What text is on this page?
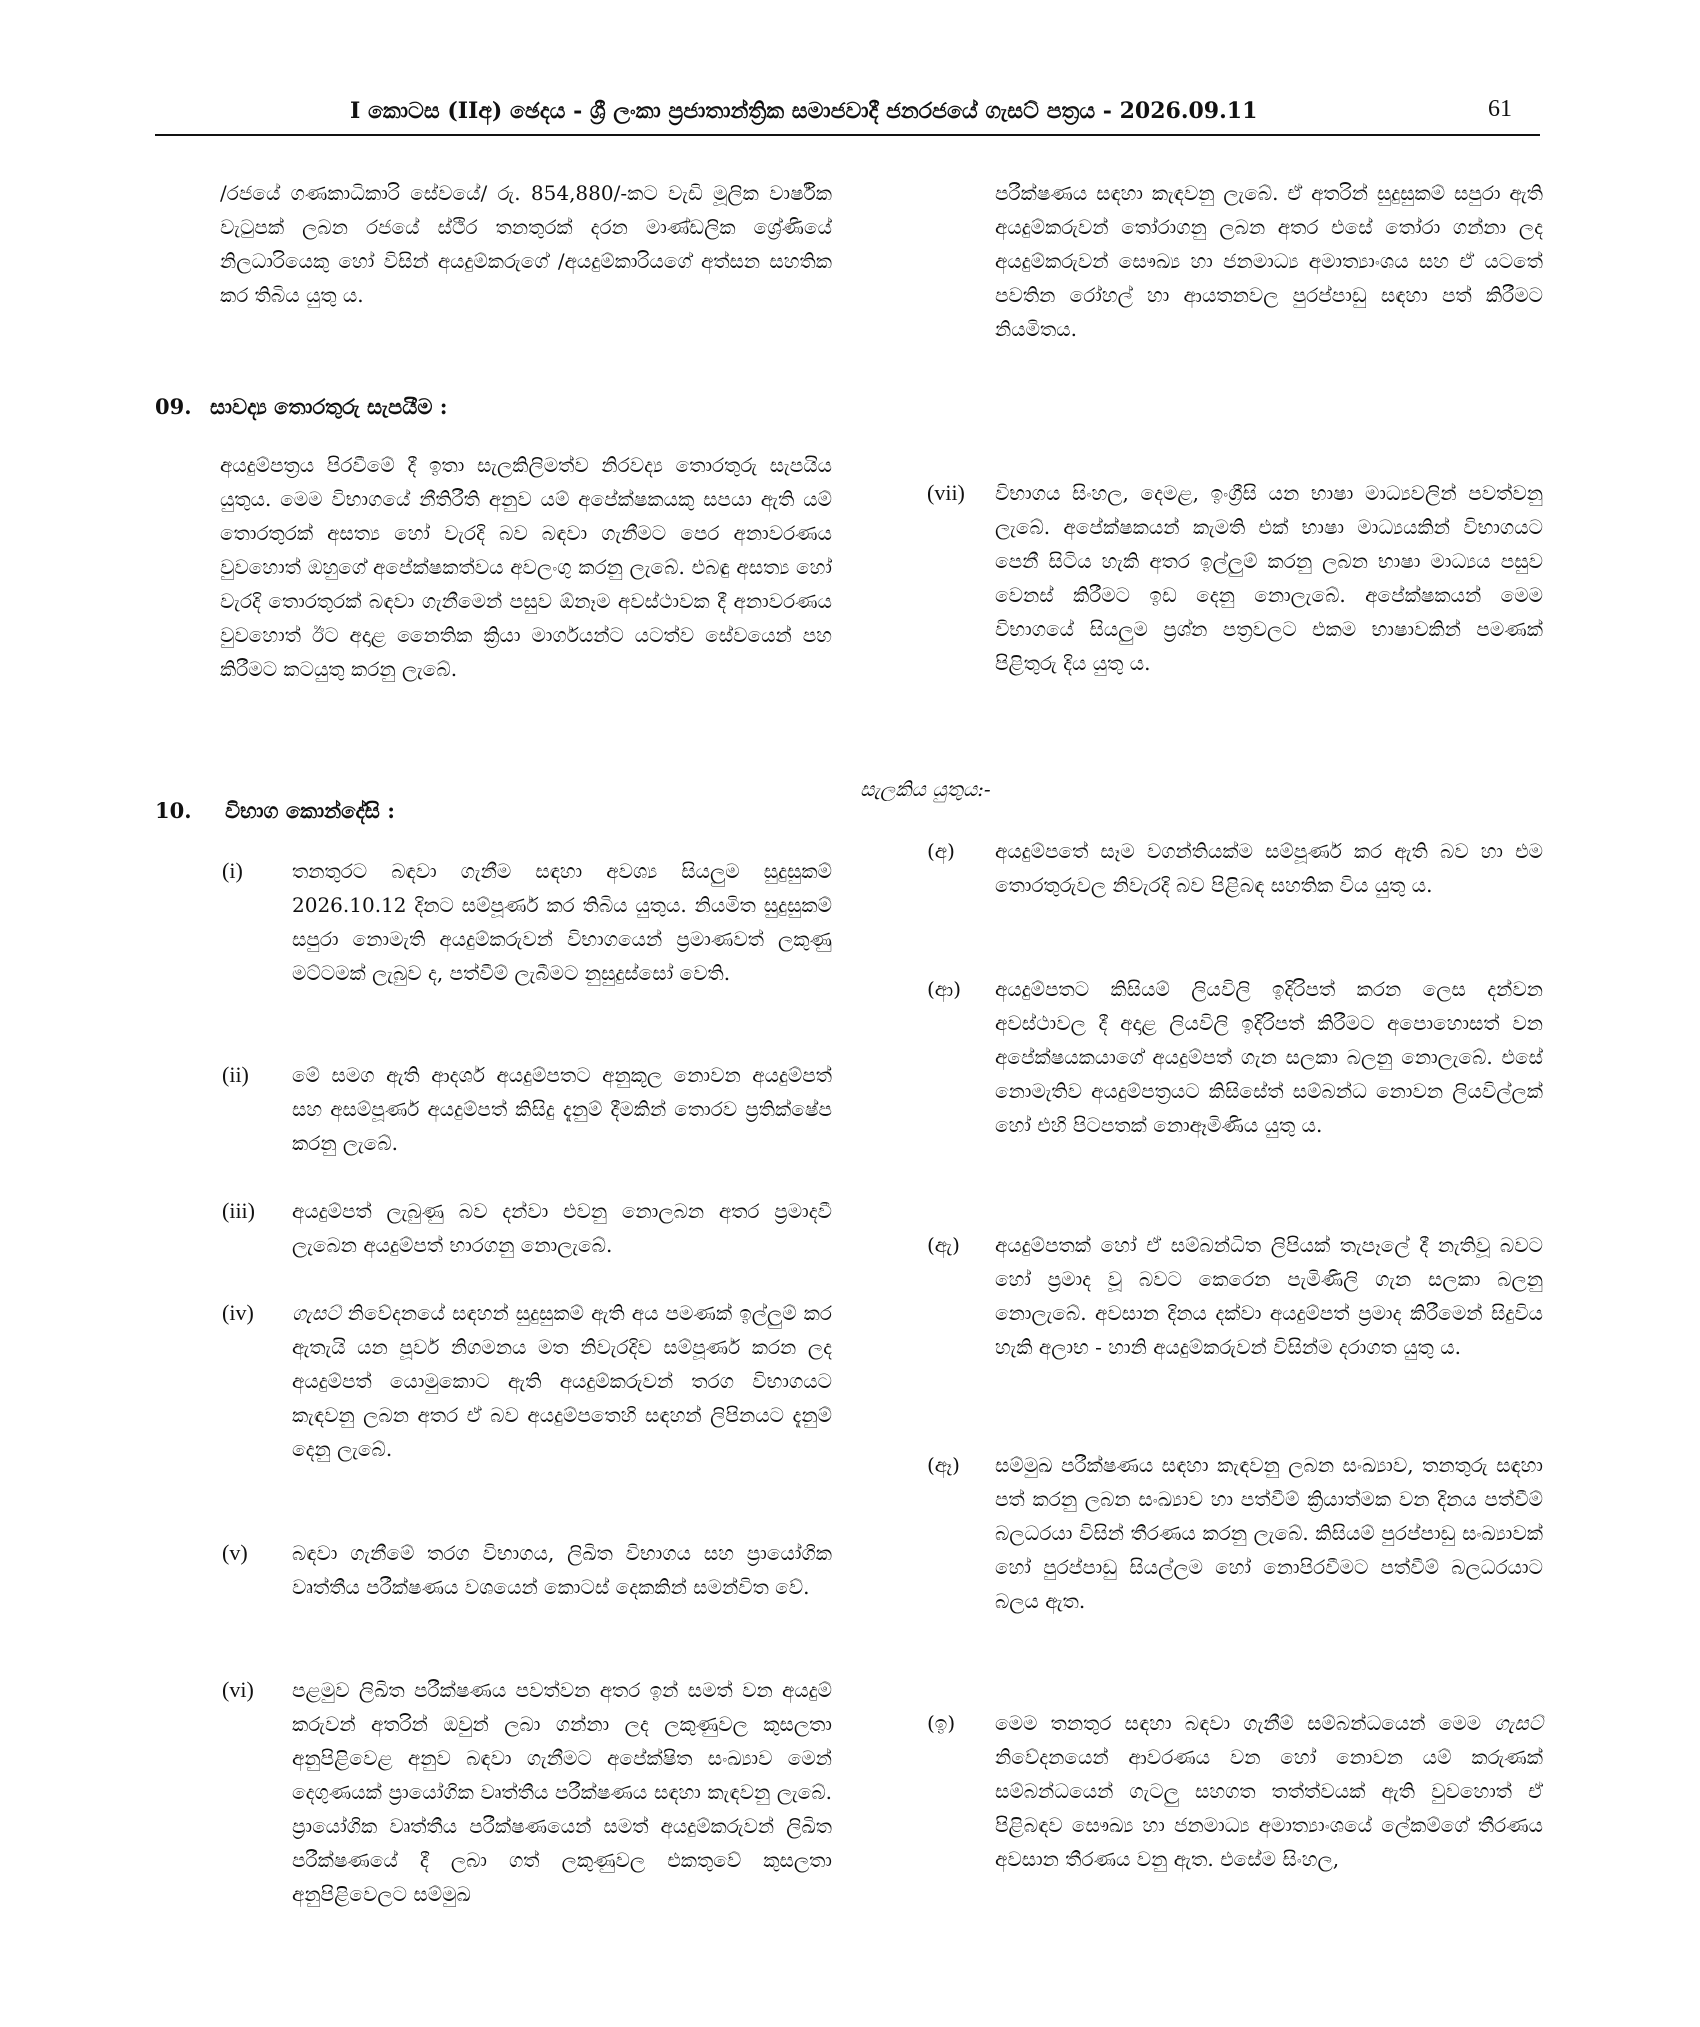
I කොටස (IIඅ) ඡෙදය - ශ්‍රී ලංකා ප්‍රජාතාන්ත්‍රික සමාජවාදී ජනරජයේ ගැසට් පත්‍රය - 2026.09.11	61

/රජයේ ගණකාධිකාරි සේවයේ/ රු. 854,880/-කට වැඩි මූලික වාර්ෂික වැටුපක් ලබන රජයේ ස්ථිර තනතුරක් දරන මාණ්ඩලික ශ්‍රේණියේ නිලධාරියෙකු හෝ විසින් අයදුම්කරුගේ /අයදුම්කාරියගේ අත්සන සහතික කර තිබිය යුතු ය.

09. සාවද්‍ය තොරතුරු සැපයීම :

අයදුම්පත්‍රය පිරවීමේ දී ඉතා සැලකිලිමත්ව නිරවද්‍ය තොරතුරු සැපයිය යුතුය. මෙම විභාගයේ නීතිරීති අනුව යම් අපේක්ෂකයකු සපයා ඇති යම් තොරතුරක් අසත්‍ය හෝ වැරදි බව බඳවා ගැනීමට පෙර අනාවරණය වුවහොත් ඔහුගේ අපේක්ෂකත්වය අවලංගු කරනු ලැබේ. එබඳු අසත්‍ය හෝ වැරදි තොරතුරක් බඳවා ගැනීමෙන් පසුව ඕනෑම අවස්ථාවක දී අනාවරණය වුවහොත් ඊට අදාළ නෛතික ක්‍රියා මාර්ගයන්ට යටත්ව සේවයෙන් පහ කිරීමට කටයුතු කරනු ලැබේ.

10.	විභාග කොන්දේසි :
(i)	තනතුරට බඳවා ගැනීම සඳහා අවශ්‍ය සියලුම සුදුසුකම් 2026.10.12 දිනට සම්පූර්ණ කර තිබිය යුතුය. නියමිත සුදුසුකම් සපුරා නොමැති අයදුම්කරුවන් විභාගයෙන් ප්‍රමාණවත් ලකුණු මට්ටමක් ලැබුව ද, පත්වීම් ලැබීමට නුසුදුස්සෝ වෙති.

(ii)	මේ සමග ඇති ආදර්ශ අයදුම්පතට අනුකූල නොවන අයදුම්පත් සහ අසම්පූර්ණ අයදුම්පත් කිසිදු දැනුම් දීමකින් තොරව ප්‍රතික්ෂේප කරනු ලැබේ.

(iii)	අයදුම්පත් ලැබුණු බව දන්වා එවනු නොලබන අතර ප්‍රමාදවී ලැබෙන අයදුම්පත් භාරගනු නොලැබේ.

(iv)	ගැසට් නිවේදනයේ සඳහන් සුදුසුකම් ඇති අය පමණක් ඉල්ලුම් කර ඇතැයි යන පූර්ව නිගමනය මත නිවැරදිව සම්පූර්ණ කරන ලද අයදුම්පත් යොමුකොට ඇති අයදුම්කරුවන් තරග විභාගයට කැඳවනු ලබන අතර ඒ බව අයදුම්පතෙහි සඳහන් ලිපිනයට දැනුම් දෙනු ලැබේ.

(v)	බඳවා ගැනීමේ තරග විභාගය, ලිඛිත විභාගය සහ ප්‍රායෝගික වෘත්තීය පරීක්ෂණය වශයෙන් කොටස් දෙකකින් සමන්විත වේ.

(vi)	පළමුව ලිඛිත පරීක්ෂණය පවත්වන අතර ඉන් සමත් වන අයදුම් කරුවන් අතරින් ඔවුන් ලබා ගන්නා ලද ලකුණුවල කුසලතා අනුපිළිවෙළ අනුව බඳවා ගැනීමට අපේක්ෂිත සංඛ්‍යාව මෙන් දෙගුණයක් ප්‍රායෝගික වෘත්තීය පරීක්ෂණය සඳහා කැඳවනු ලැබේ. ප්‍රායෝගික වෘත්තීය පරීක්ෂණයෙන් සමත් අයදුම්කරුවන් ලිඛිත පරීක්ෂණයේ දී ලබා ගත් ලකුණුවල එකතුවේ කුසලතා අනුපිළිවෙලට සම්මුඛ

පරීක්ෂණය සඳහා කැඳවනු ලැබේ. ඒ අතරින් සුදුසුකම් සපුරා ඇති අයදුම්කරුවන් තෝරාගනු ලබන අතර එසේ තෝරා ගන්නා ලද අයදුම්කරුවන් සෞඛ්‍ය හා ජනමාධ්‍ය අමාත්‍යාංශය සහ ඒ යටතේ පවතින රෝහල් හා ආයතනවල පුරප්පාඩු සඳහා පත් කිරීමට නියමිතය.

(vii)	විභාගය සිංහල, දෙමළ, ඉංග්‍රීසි යන භාෂා මාධ්‍යවලින් පවත්වනු ලැබේ. අපේක්ෂකයන් කැමති එක් භාෂා මාධ්‍යයකින් විභාගයට පෙනී සිටිය හැකි අතර ඉල්ලුම් කරනු ලබන භාෂා මාධ්‍යය පසුව වෙනස් කිරීමට ඉඩ දෙනු නොලැබේ. අපේක්ෂකයන් මෙම විභාගයේ සියලුම ප්‍රශ්න පත්‍රවලට එකම භාෂාවකින් පමණක් පිළිතුරු දිය යුතු ය.

සැලකිය යුතුය:-
(අ)	අයදුම්පතේ සෑම වගන්තියක්ම සම්පූර්ණ කර ඇති බව හා එම තොරතුරුවල නිවැරදි බව පිළිබඳ සහතික විය යුතු ය.

(ආ)	අයදුම්පතට කිසියම් ලියවිලි ඉදිරිපත් කරන ලෙස දන්වන අවස්ථාවල දී අදාළ ලියවිලි ඉදිරිපත් කිරීමට අපොහොසත් වන අපේක්ෂයකයාගේ අයදුම්පත් ගැන සලකා බලනු නොලැබේ. එසේ නොමැතිව අයදුම්පත්‍රයට කිසිසේත් සම්බන්ධ නොවන ලියවිල්ලක් හෝ එහි පිටපතක් නොඈමිණිය යුතු ය.

(ඇ)	අයදුම්පතක් හෝ ඒ සම්බන්ධිත ලිපියක් තැපෑලේ දී නැතිවූ බවට හෝ ප්‍රමාද වූ බවට කෙරෙන පැමිණිලි ගැන සලකා බලනු නොලැබේ. අවසාන දිනය දක්වා අයදුම්පත් ප්‍රමාද කිරීමෙන් සිදුවිය හැකි අලාභ - හානි අයදුම්කරුවන් විසින්ම දරාගත යුතු ය.

(ඈ)	සම්මුඛ පරීක්ෂණය සඳහා කැඳවනු ලබන සංඛ්‍යාව, තනතුරු සඳහා පත් කරනු ලබන සංඛ්‍යාව හා පත්වීම් ක්‍රියාත්මක වන දිනය පත්වීම් බලධරයා විසින් තීරණය කරනු ලැබේ. කිසියම් පුරප්පාඩු සංඛ්‍යාවක් හෝ පුරප්පාඩු සියල්ලම හෝ නොපිරවීමට පත්වීම් බලධරයාට බලය ඇත.

(ඉ)	මෙම තනතුර සඳහා බඳවා ගැනීම් සම්බන්ධයෙන් මෙම ගැසට් නිවේදනයෙන් ආවරණය වන හෝ නොවන යම් කරුණක් සම්බන්ධයෙන් ගැටලු සහගත තත්ත්වයක් ඇති වුවහොත් ඒ පිළිබඳව සෞඛ්‍ය හා ජනමාධ්‍ය අමාත්‍යාංශයේ ලේකම්ගේ තීරණය අවසාන තීරණය වනු ඇත. එසේම සිංහල,
